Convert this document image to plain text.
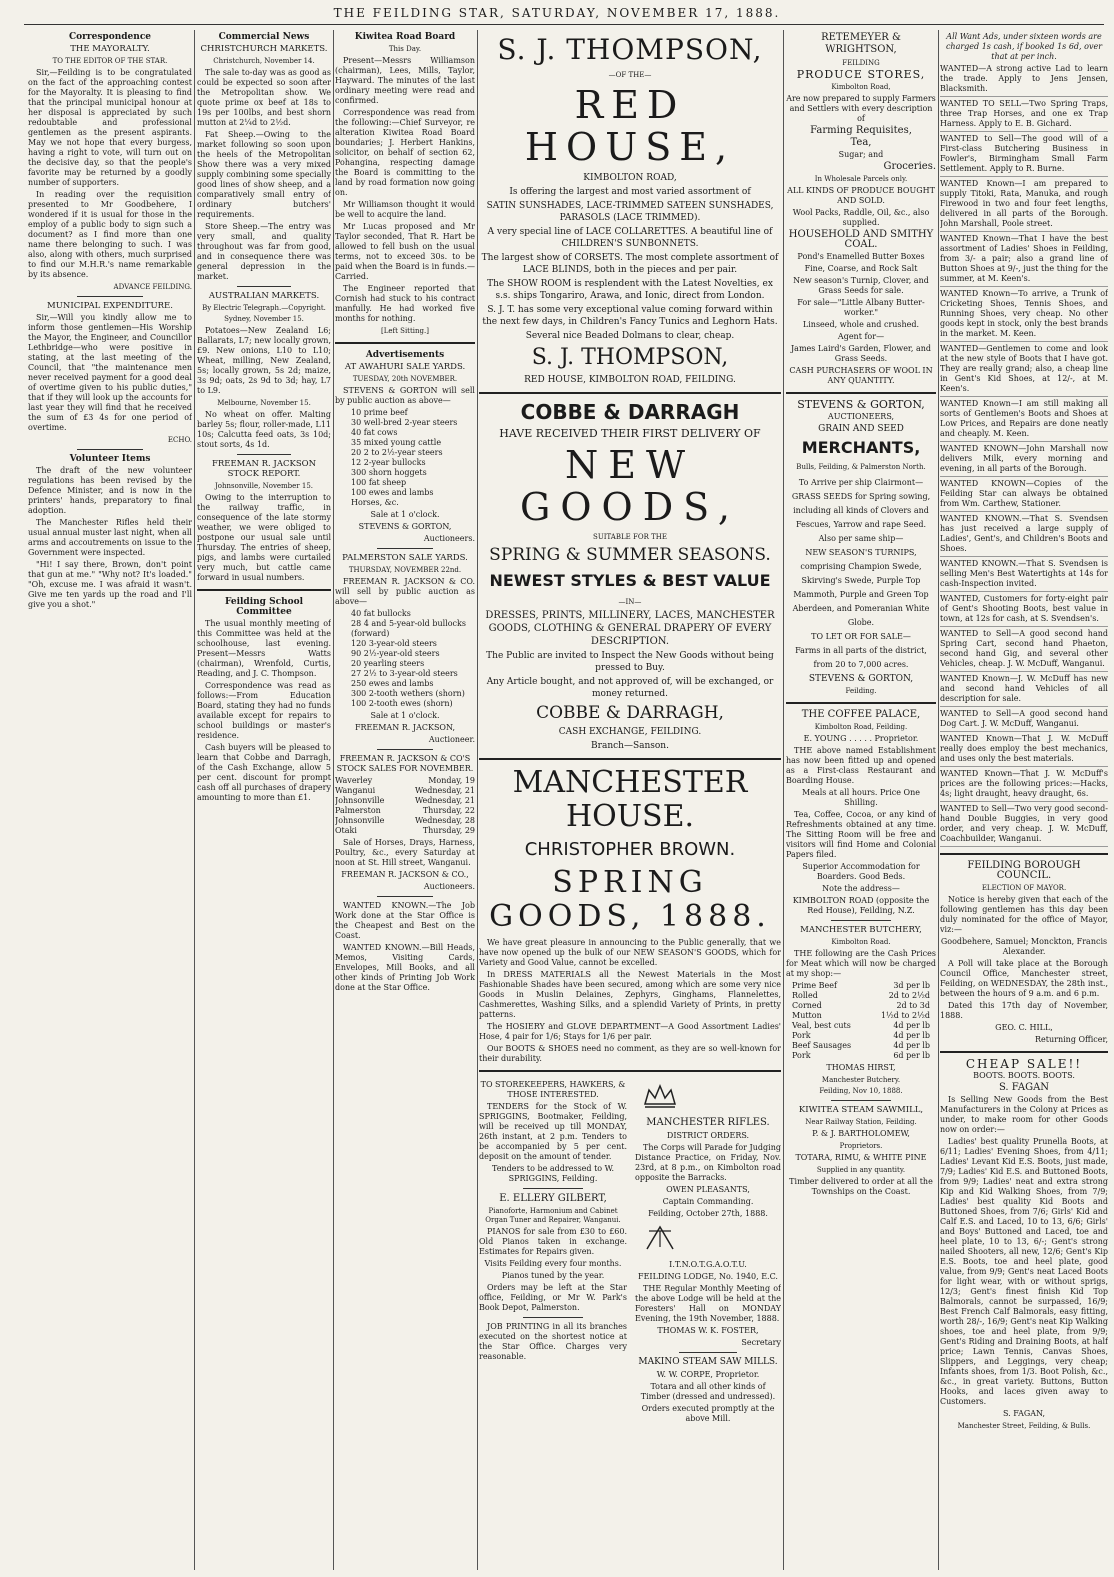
THE FEILDING STAR, SATURDAY, NOVEMBER 17, 1888.
Correspondence
THE MAYORALTY.
TO THE EDITOR OF THE STAR.

Sir,—Feilding is to be congratulated on the fact of the approaching contest for the Mayoralty. It is pleasing to find that the principal municipal honour at her disposal is appreciated by such redoubtable and professional gentlemen as the present aspirants. May we not hope that every burgess, having a right to vote, will turn out on the decisive day, so that the people's favorite may be returned by a goodly number of supporters.

In reading over the requisition presented to Mr Goodbehere, I wondered if it is usual for those in the employ of a public body to sign such a document? as I find more than one name there belonging to such. I was also, along with others, much surprised to find our M.H.R.'s name remarkable by its absence.

ADVANCE FEILDING.
MUNICIPAL EXPENDITURE.

Sir,—Will you kindly allow me to inform those gentlemen—His Worship the Mayor, the Engineer, and Councillor Lethbridge—who were positive in stating, at the last meeting of the Council, that "the maintenance men never received payment for a good deal of overtime given to his public duties," that if they will look up the accounts for last year they will find that he received the sum of £3 4s for one period of overtime.

ECHO.
Volunteer Items

The draft of the new volunteer regulations has been revised by the Defence Minister, and is now in the printers' hands, preparatory to final adoption.

The Manchester Rifles held their usual annual muster last night, when all arms and accoutrements on issue to the Government were inspected.

"Hi! I say there, Brown, don't point that gun at me." "Why not? It's loaded." "Oh, excuse me. I was afraid it wasn't. Give me ten yards up the road and I'll give you a shot."

Commercial News
CHRISTCHURCH MARKETS.
Christchurch, November 14.

The sale to-day was as good as could be expected so soon after the Metropolitan show. We quote prime ox beef at 18s to 19s per 100lbs, and best shorn mutton at 2¼d to 2½d.

Fat Sheep.—Owing to the market following so soon upon the heels of the Metropolitan Show there was a very mixed supply combining some specially good lines of show sheep, and a comparatively small entry of ordinary butchers' requirements.

Store Sheep.—The entry was very small, and quality throughout was far from good, and in consequence there was general depression in the market.

AUSTRALIAN MARKETS.
By Electric Telegraph.—Copyright.
Sydney, November 15.

Potatoes—New Zealand L6; Ballarats, L7; new locally grown, £9. New onions, L10 to L10; Wheat, milling, New Zealand, 5s; locally grown, 5s 2d; maize, 3s 9d; oats, 2s 9d to 3d; hay, L7 to L9.

Melbourne, November 15.

No wheat on offer. Malting barley 5s; flour, roller-made, L11 10s; Calcutta feed oats, 3s 10d; stout sorts, 4s 1d.

FREEMAN R. JACKSON STOCK REPORT.
Johnsonville, November 15.

Owing to the interruption to the railway traffic, in consequence of the late stormy weather, we were obliged to postpone our usual sale until Thursday. The entries of sheep, pigs, and lambs were curtailed very much, but cattle came forward in usual numbers.

Feilding School Committee

The usual monthly meeting of this Committee was held at the schoolhouse, last evening. Present—Messrs Watts (chairman), Wrenfold, Curtis, Reading, and J. C. Thompson.

Correspondence was read as follows:—From Education Board, stating they had no funds available except for repairs to school buildings or master's residence.

Cash buyers will be pleased to learn that Cobbe and Darragh, of the Cash Exchange, allow 5 per cent. discount for prompt cash off all purchases of drapery amounting to more than £1.

Kiwitea Road Board
This Day.

Present—Messrs Williamson (chairman), Lees, Mills, Taylor, Hayward. The minutes of the last ordinary meeting were read and confirmed.

Correspondence was read from the following:—Chief Surveyor, re alteration Kiwitea Road Board boundaries; J. Herbert Hankins, solicitor, on behalf of section 62, Pohangina, respecting damage the Board is committing to the land by road formation now going on.

Mr Williamson thought it would be well to acquire the land.

Mr Lucas proposed and Mr Taylor seconded, That R. Hart be allowed to fell bush on the usual terms, not to exceed 30s. to be paid when the Board is in funds.—Carried.

The Engineer reported that Cornish had stuck to his contract manfully. He had worked five months for nothing.

[Left Sitting.]
Advertisements
AT AWAHURI SALE YARDS.
TUESDAY, 20th NOVEMBER.

STEVENS & GORTON will sell by public auction as above—

10 prime beef
30 well-bred 2-year steers
40 fat cows
35 mixed young cattle
20 2 to 2½-year steers
12 2-year bullocks
300 shorn hoggets
100 fat sheep
100 ewes and lambs
Horses, &c.
Sale at 1 o'clock.
STEVENS & GORTON,
Auctioneers.
PALMERSTON SALE YARDS.
THURSDAY, NOVEMBER 22nd.

FREEMAN R. JACKSON & CO. will sell by public auction as above—

40 fat bullocks
28 4 and 5-year-old bullocks (forward)
120 3-year-old steers
90 2½-year-old steers
20 yearling steers
27 2½ to 3-year-old steers
250 ewes and lambs
300 2-tooth wethers (shorn)
100 2-tooth ewes (shorn)
Sale at 1 o'clock.
FREEMAN R. JACKSON,
Auctioneer.
FREEMAN R. JACKSON & CO'S STOCK SALES FOR NOVEMBER.
Waverley	Monday, 19
Wanganui	Wednesday, 21
Johnsonville	Wednesday, 21
Palmerston	Thursday, 22
Johnsonville	Wednesday, 28
Otaki	Thursday, 29

Sale of Horses, Drays, Harness, Poultry, &c., every Saturday at noon at St. Hill street, Wanganui.

FREEMAN R. JACKSON & CO.,
Auctioneers.

WANTED KNOWN.—The Job Work done at the Star Office is the Cheapest and Best on the Coast.

WANTED KNOWN.—Bill Heads, Memos, Visiting Cards, Envelopes, Mill Books, and all other kinds of Printing Job Work done at the Star Office.

S. J. THOMPSON,
—OF THE—
RED HOUSE,
KIMBOLTON ROAD,

Is offering the largest and most varied assortment of

SATIN SUNSHADES, LACE-TRIMMED SATEEN SUNSHADES, PARASOLS (LACE TRIMMED).

A very special line of LACE COLLARETTES. A beautiful line of CHILDREN'S SUNBONNETS.

The largest show of CORSETS. The most complete assortment of LACE BLINDS, both in the pieces and per pair.

The SHOW ROOM is resplendent with the Latest Novelties, ex s.s. ships Tongariro, Arawa, and Ionic, direct from London.

S. J. T. has some very exceptional value coming forward within the next few days, in Children's Fancy Tunics and Leghorn Hats.

Several nice Beaded Dolmans to clear, cheap.

S. J. THOMPSON,
RED HOUSE, KIMBOLTON ROAD, FEILDING.
COBBE & DARRAGH
HAVE RECEIVED THEIR FIRST DELIVERY OF
NEW GOODS,
SUITABLE FOR THE
SPRING & SUMMER SEASONS.
NEWEST STYLES & BEST VALUE
—IN—

DRESSES, PRINTS, MILLINERY, LACES, MANCHESTER GOODS, CLOTHING & GENERAL DRAPERY OF EVERY DESCRIPTION.

The Public are invited to Inspect the New Goods without being pressed to Buy.

Any Article bought, and not approved of, will be exchanged, or money returned.

COBBE & DARRAGH,
CASH EXCHANGE, FEILDING.
Branch—Sanson.
MANCHESTER HOUSE.
CHRISTOPHER BROWN.
SPRING GOODS, 1888.

We have great pleasure in announcing to the Public generally, that we have now opened up the bulk of our NEW SEASON'S GOODS, which for Variety and Good Value, cannot be excelled.

In DRESS MATERIALS all the Newest Materials in the Most Fashionable Shades have been secured, among which are some very nice Goods in Muslin Delaines, Zephyrs, Ginghams, Flannelettes, Cashmerettes, Washing Silks, and a splendid Variety of Prints, in pretty patterns.

The HOSIERY and GLOVE DEPARTMENT—A Good Assortment Ladies' Hose, 4 pair for 1/6; Stays for 1/6 per pair.

Our BOOTS & SHOES need no comment, as they are so well-known for their durability.

TO STOREKEEPERS, HAWKERS, & THOSE INTERESTED.

TENDERS for the Stock of W. SPRIGGINS, Bootmaker, Feilding, will be received up till MONDAY, 26th instant, at 2 p.m. Tenders to be accompanied by 5 per cent. deposit on the amount of tender.

Tenders to be addressed to W. SPRIGGINS, Feilding.
E. ELLERY GILBERT,
Pianoforte, Harmonium and Cabinet Organ Tuner and Repairer, Wanganui.

PIANOS for sale from £30 to £60. Old Pianos taken in exchange. Estimates for Repairs given.

Visits Feilding every four months.
Pianos tuned by the year.

Orders may be left at the Star office, Feilding, or Mr W. Park's Book Depot, Palmerston.

JOB PRINTING in all its branches executed on the shortest notice at the Star Office. Charges very reasonable.

MANCHESTER RIFLES.
DISTRICT ORDERS.

The Corps will Parade for Judging Distance Practice, on Friday, Nov. 23rd, at 8 p.m., on Kimbolton road opposite the Barracks.

OWEN PLEASANTS,
Captain Commanding.
Feilding, October 27th, 1888.
I.T.N.O.T.G.A.O.T.U.
FEILDING LODGE, No. 1940, E.C.

THE Regular Monthly Meeting of the above Lodge will be held at the Foresters' Hall on MONDAY Evening, the 19th November, 1888.

THOMAS W. K. FOSTER,
Secretary
MAKINO STEAM SAW MILLS.
W. W. CORPE, Proprietor.

Totara and all other kinds of Timber (dressed and undressed).

Orders executed promptly at the above Mill.

RETEMEYER & WRIGHTSON,
FEILDING
PRODUCE STORES,
Kimbolton Road,

Are now prepared to supply Farmers and Settlers with every description of

Farming Requisites,
Tea,
Sugar; and
Groceries.
In Wholesale Parcels only.
ALL KINDS OF PRODUCE BOUGHT AND SOLD.
Wool Packs, Raddle, Oil, &c., also supplied.
HOUSEHOLD AND SMITHY COAL.
Pond's Enamelled Butter Boxes
Fine, Coarse, and Rock Salt
New season's Turnip, Clover, and Grass Seeds for sale.
For sale—"Little Albany Butter-worker."
Linseed, whole and crushed.
Agent for—
James Laird's Garden, Flower, and Grass Seeds.
CASH PURCHASERS OF WOOL IN ANY QUANTITY.
STEVENS & GORTON,
AUCTIONEERS,
GRAIN AND SEED
MERCHANTS,
Bulls, Feilding, & Palmerston North.
To Arrive per ship Clairmont—

GRASS SEEDS for Spring sowing, including all kinds of Clovers and Fescues, Yarrow and rape Seed.

Also per same ship—

NEW SEASON'S TURNIPS, comprising Champion Swede, Skirving's Swede, Purple Top Mammoth, Purple and Green Top Aberdeen, and Pomeranian White Globe.

TO LET OR FOR SALE—

Farms in all parts of the district, from 20 to 7,000 acres.

STEVENS & GORTON,
Feilding.
THE COFFEE PALACE,
Kimbolton Road, Feilding.
E. YOUNG . . . . . Proprietor.

THE above named Establishment has now been fitted up and opened as a First-class Restaurant and Boarding House.

Meals at all hours. Price One Shilling.

Tea, Coffee, Cocoa, or any kind of Refreshments obtained at any time. The Sitting Room will be free and visitors will find Home and Colonial Papers filed.

Superior Accommodation for Boarders. Good Beds.
Note the address—
KIMBOLTON ROAD (opposite the Red House), Feilding, N.Z.
MANCHESTER BUTCHERY,
Kimbolton Road.

THE following are the Cash Prices for Meat which will now be charged at my shop:—

Prime Beef	3d per lb
Rolled	2d to 2½d
Corned	2d to 3d
Mutton	1½d to 2½d
Veal, best cuts	4d per lb
Pork	4d per lb
Beef Sausages	4d per lb
Pork	6d per lb
THOMAS HIRST,
Manchester Butchery.
Feilding, Nov 10, 1888.
KIWITEA STEAM SAWMILL,
Near Railway Station, Feilding.
P. & J. BARTHOLOMEW,
Proprietors.
TOTARA, RIMU, & WHITE PINE
Supplied in any quantity.
Timber delivered to order at all the Townships on the Coast.
All Want Ads, under sixteen words are charged 1s cash, if booked 1s 6d, over that at per inch.

WANTED—A strong active Lad to learn the trade. Apply to Jens Jensen, Blacksmith.

WANTED TO SELL—Two Spring Traps, three Trap Horses, and one ex Trap Harness. Apply to E. B. Gichard.

WANTED to Sell—The good will of a First-class Butchering Business in Fowler's, Birmingham Small Farm Settlement. Apply to R. Burne.

WANTED Known—I am prepared to supply Titoki, Rata, Manuka, and rough Firewood in two and four feet lengths, delivered in all parts of the Borough. John Marshall, Poole street.

WANTED Known—That I have the best assortment of Ladies' Shoes in Feilding, from 3/- a pair; also a grand line of Button Shoes at 9/-, just the thing for the summer, at M. Keen's.

WANTED Known—To arrive, a Trunk of Cricketing Shoes, Tennis Shoes, and Running Shoes, very cheap. No other goods kept in stock, only the best brands in the market. M. Keen.

WANTED—Gentlemen to come and look at the new style of Boots that I have got. They are really grand; also, a cheap line in Gent's Kid Shoes, at 12/-, at M. Keen's.

WANTED Known—I am still making all sorts of Gentlemen's Boots and Shoes at Low Prices, and Repairs are done neatly and cheaply. M. Keen.

WANTED KNOWN—John Marshall now delivers Milk, every morning and evening, in all parts of the Borough.

WANTED KNOWN—Copies of the Feilding Star can always be obtained from Wm. Carthew, Stationer.

WANTED KNOWN.—That S. Svendsen has just received a large supply of Ladies', Gent's, and Children's Boots and Shoes.

WANTED KNOWN.—That S. Svendsen is selling Men's Best Watertights at 14s for cash-Inspection invited.

WANTED, Customers for forty-eight pair of Gent's Shooting Boots, best value in town, at 12s for cash, at S. Svendsen's.

WANTED to Sell—A good second hand Spring Cart, second hand Phaeton, second hand Gig, and several other Vehicles, cheap. J. W. McDuff, Wanganui.

WANTED Known—J. W. McDuff has new and second hand Vehicles of all description for sale.

WANTED to Sell—A good second hand Dog Cart. J. W. McDuff, Wanganui.

WANTED Known—That J. W. McDuff really does employ the best mechanics, and uses only the best materials.

WANTED Known—That J. W. McDuff's prices are the following prices:—Hacks, 4s; light draught, heavy draught, 6s.

WANTED to Sell—Two very good second-hand Double Buggies, in very good order, and very cheap. J. W. McDuff, Coachbuilder, Wanganui.

FEILDING BOROUGH COUNCIL.
ELECTION OF MAYOR.

Notice is hereby given that each of the following gentlemen has this day been duly nominated for the office of Mayor, viz:—

Goodbehere, Samuel; Monckton, Francis Alexander.

A Poll will take place at the Borough Council Office, Manchester street, Feilding, on WEDNESDAY, the 28th inst., between the hours of 9 a.m. and 6 p.m.

Dated this 17th day of November, 1888.

GEO. C. HILL,
Returning Officer,
CHEAP SALE!!
BOOTS. BOOTS. BOOTS.
S. FAGAN

Is Selling New Goods from the Best Manufacturers in the Colony at Prices as under, to make room for other Goods now on order:—

Ladies' best quality Prunella Boots, at 6/11; Ladies' Evening Shoes, from 4/11; Ladies' Levant Kid E.S. Boots, just made, 7/9; Ladies' Kid E.S. and Buttoned Boots, from 9/9; Ladies' neat and extra strong Kip and Kid Walking Shoes, from 7/9; Ladies' best quality Kid Boots and Buttoned Shoes, from 7/6; Girls' Kid and Calf E.S. and Laced, 10 to 13, 6/6; Girls' and Boys' Buttoned and Laced, toe and heel plate, 10 to 13, 6/-; Gent's strong nailed Shooters, all new, 12/6; Gent's Kip E.S. Boots, toe and heel plate, good value, from 9/9; Gent's neat Laced Boots for light wear, with or without sprigs, 12/3; Gent's finest finish Kid Top Balmorals, cannot be surpassed, 16/9; Best French Calf Balmorals, easy fitting, worth 28/-, 16/9; Gent's neat Kip Walking shoes, toe and heel plate, from 9/9; Gent's Riding and Draining Boots, at half price; Lawn Tennis, Canvas Shoes, Slippers, and Leggings, very cheap; Infants shoes, from 1/3. Boot Polish, &c., &c., in great variety. Buttons, Button Hooks, and laces given away to Customers.

S. FAGAN,
Manchester Street, Feilding, & Bulls.
